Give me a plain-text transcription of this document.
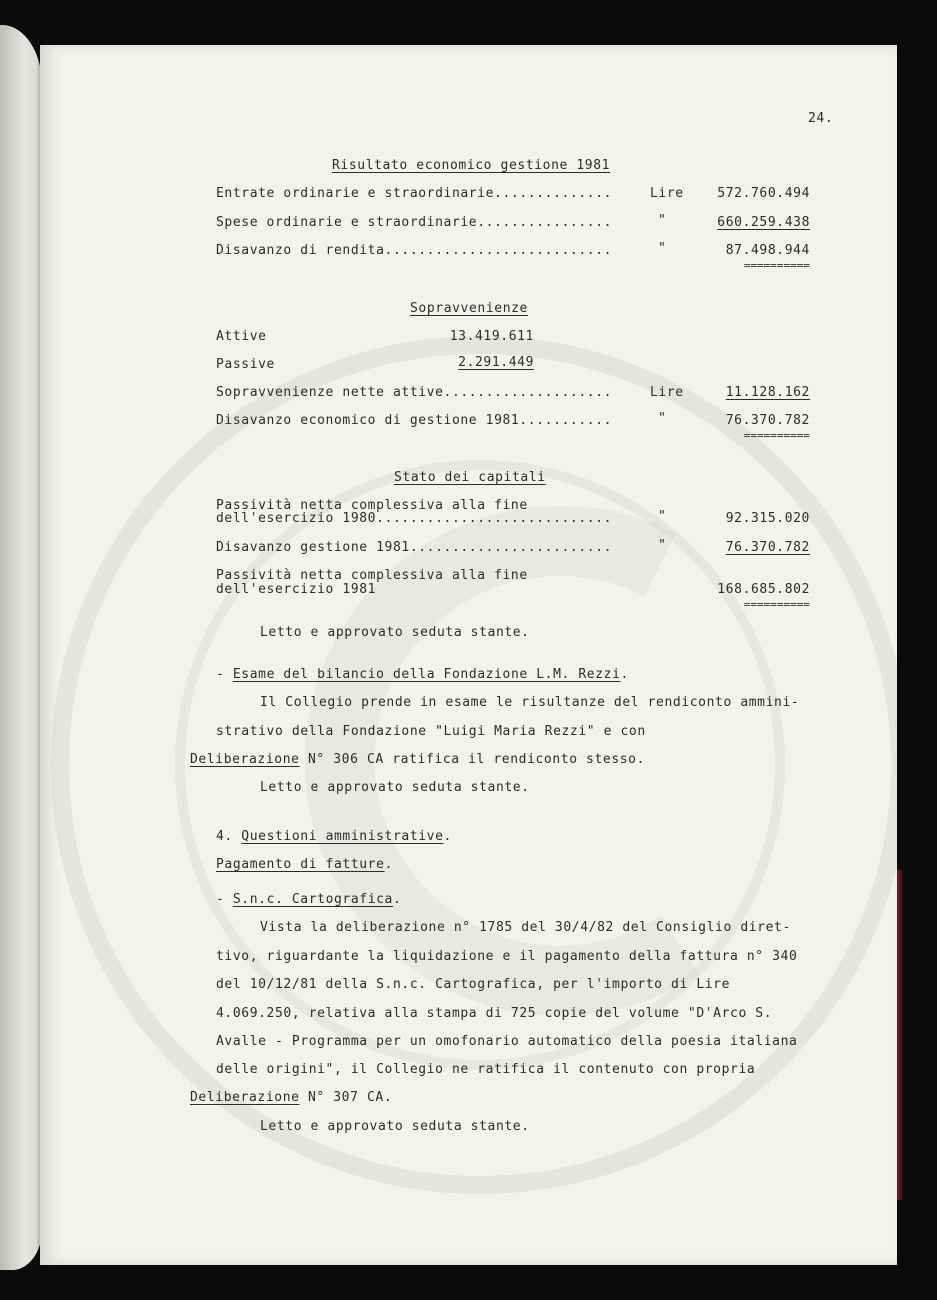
24.
Risultato economico gestione 1981
Entrate ordinarie e straordinarie..............	Lire	572.760.494
Spese ordinarie e straordinarie................	"	660.259.438
Disavanzo di rendita...........................	"	87.498.944
==========
Sopravvenienze
Attive	13.419.611
Passive	2.291.449
Sopravvenienze nette attive....................	Lire	11.128.162
Disavanzo economico di gestione 1981...........	"	76.370.782
==========
Stato dei capitali
Passività netta complessiva alla fine
dell'esercizio 1980............................	"	92.315.020
Disavanzo gestione 1981........................	"	76.370.782
Passività netta complessiva alla fine
dell'esercizio 1981	168.685.802
==========
Letto e approvato seduta stante.
- Esame del bilancio della Fondazione L.M. Rezzi.
Il Collegio prende in esame le risultanze del rendiconto ammini-
strativo della Fondazione "Luigi Maria Rezzi" e con
Deliberazione N° 306 CA ratifica il rendiconto stesso.
Letto e approvato seduta stante.
4. Questioni amministrative.
Pagamento di fatture.
- S.n.c. Cartografica.
Vista la deliberazione n° 1785 del 30/4/82 del Consiglio diret-
tivo, riguardante la liquidazione e il pagamento della fattura n° 340
del 10/12/81 della S.n.c. Cartografica, per l'importo di Lire
4.069.250, relativa alla stampa di 725 copie del volume "D'Arco S.
Avalle - Programma per un omofonario automatico della poesia italiana
delle origini", il Collegio ne ratifica il contenuto con propria
Deliberazione N° 307 CA.
Letto e approvato seduta stante.
